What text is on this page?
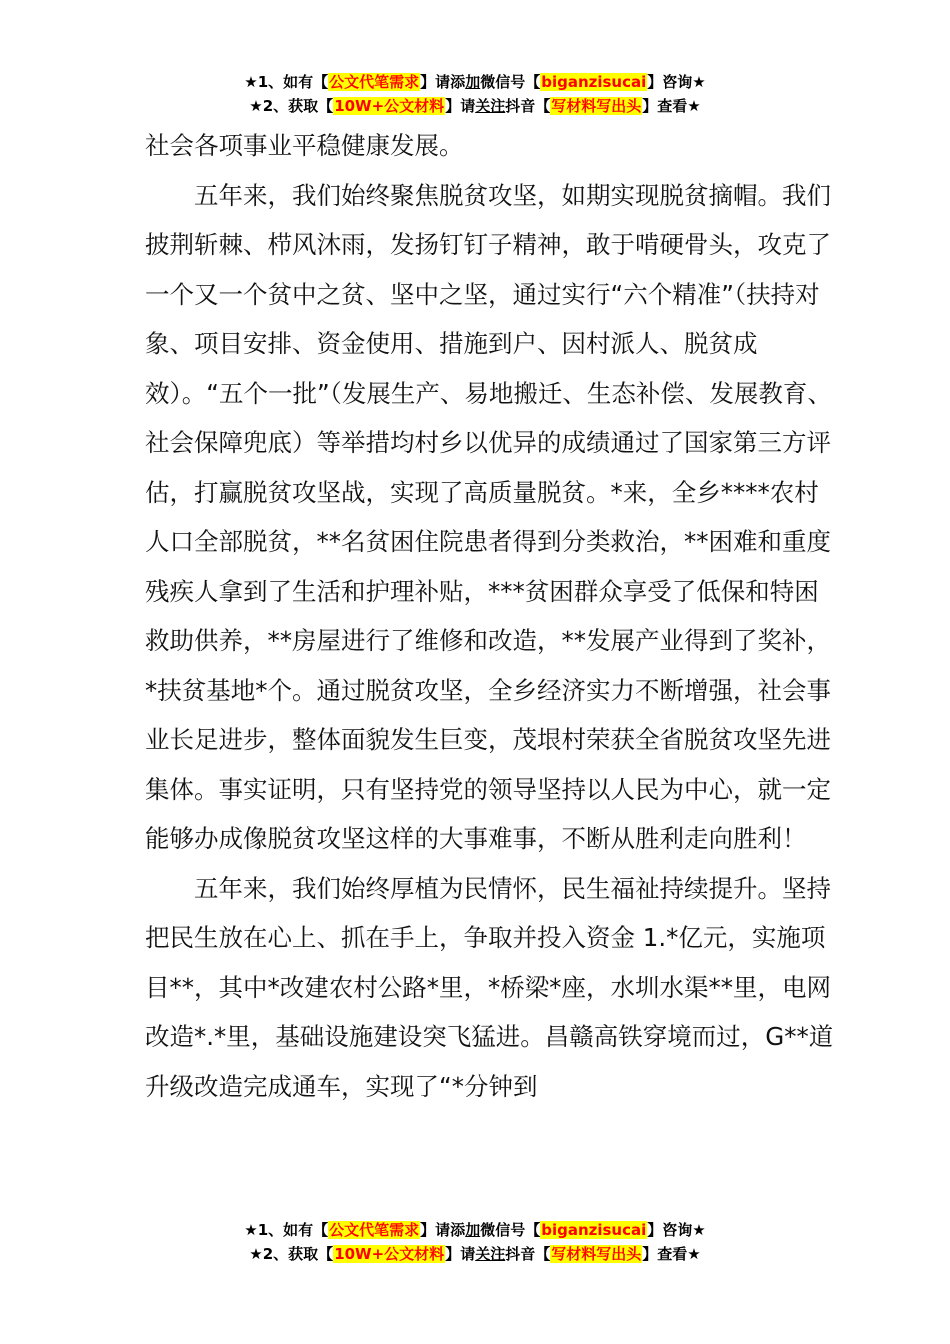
★1、如有【公文代笔需求】请添加微信号【biganzisucai】咨询★
★2、获取【10W+公文材料】请关注抖音【写材料写出头】查看★

社会各项事业平稳健康发展。

五年来，我们始终聚焦脱贫攻坚，如期实现脱贫摘帽。我们披荆斩棘、栉风沐雨，发扬钉钉子精神，敢于啃硬骨头，攻克了一个又一个贫中之贫、坚中之坚，通过实行“六个精准”（扶持对象、项目安排、资金使用、措施到户、因村派人、脱贫成效）。“五个一批”（发展生产、易地搬迁、生态补偿、发展教育、社会保障兜底）等举措均村乡以优异的成绩通过了国家第三方评估，打赢脱贫攻坚战，实现了高质量脱贫。*来，全乡****农村人口全部脱贫，**名贫困住院患者得到分类救治，**困难和重度残疾人拿到了生活和护理补贴，***贫困群众享受了低保和特困救助供养，**房屋进行了维修和改造，**发展产业得到了奖补，*扶贫基地*个。通过脱贫攻坚，全乡经济实力不断增强，社会事业长足进步，整体面貌发生巨变，茂垠村荣获全省脱贫攻坚先进集体。事实证明，只有坚持党的领导坚持以人民为中心，就一定能够办成像脱贫攻坚这样的大事难事，不断从胜利走向胜利！

五年来，我们始终厚植为民情怀，民生福祉持续提升。坚持把民生放在心上、抓在手上，争取并投入资金 1.*亿元，实施项目**，其中*改建农村公路*里，*桥梁*座，水圳水渠**里，电网改造*.*里，基础设施建设突飞猛进。昌赣高铁穿境而过，G**道升级改造完成通车，实现了“*分钟到

★1、如有【公文代笔需求】请添加微信号【biganzisucai】咨询★
★2、获取【10W+公文材料】请关注抖音【写材料写出头】查看★
